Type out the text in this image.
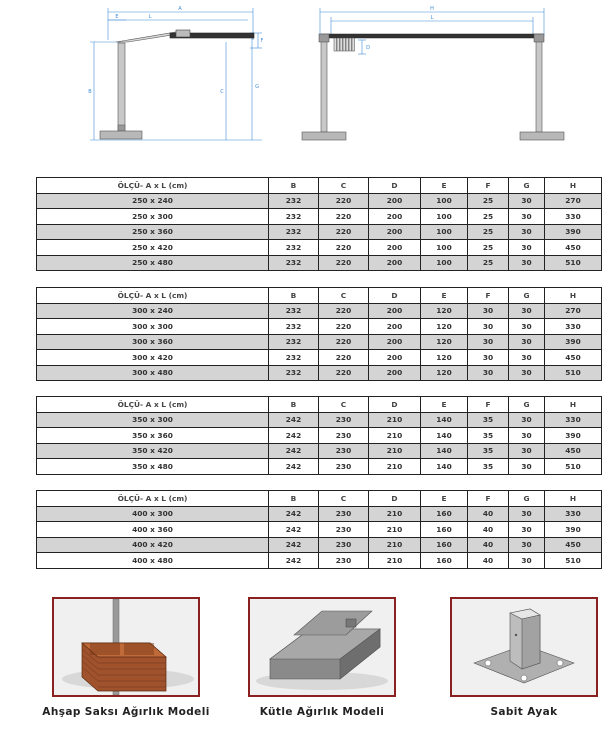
A
L
E
F
B	C
G
H
L
D
ÖLÇÜ- A x L (cm)	B	C	D	E	F	G	H
250 x 240	232	220	200	100	25	30	270
250 x 300	232	220	200	100	25	30	330
250 x 360	232	220	200	100	25	30	390
250 x 420	232	220	200	100	25	30	450
250 x 480	232	220	200	100	25	30	510
ÖLÇÜ- A x L (cm)	B	C	D	E	F	G	H
300 x 240	232	220	200	120	30	30	270
300 x 300	232	220	200	120	30	30	330
300 x 360	232	220	200	120	30	30	390
300 x 420	232	220	200	120	30	30	450
300 x 480	232	220	200	120	30	30	510
ÖLÇÜ- A x L (cm)	B	C	D	E	F	G	H
350 x 300	242	230	210	140	35	30	330
350 x 360	242	230	210	140	35	30	390
350 x 420	242	230	210	140	35	30	450
350 x 480	242	230	210	140	35	30	510
ÖLÇÜ- A x L (cm)	B	C	D	E	F	G	H
400 x 300	242	230	210	160	40	30	330
400 x 360	242	230	210	160	40	30	390
400 x 420	242	230	210	160	40	30	450
400 x 480	242	230	210	160	40	30	510
Ahşap Saksı Ağırlık Modeli	Kütle Ağırlık Modeli	Sabit Ayak
